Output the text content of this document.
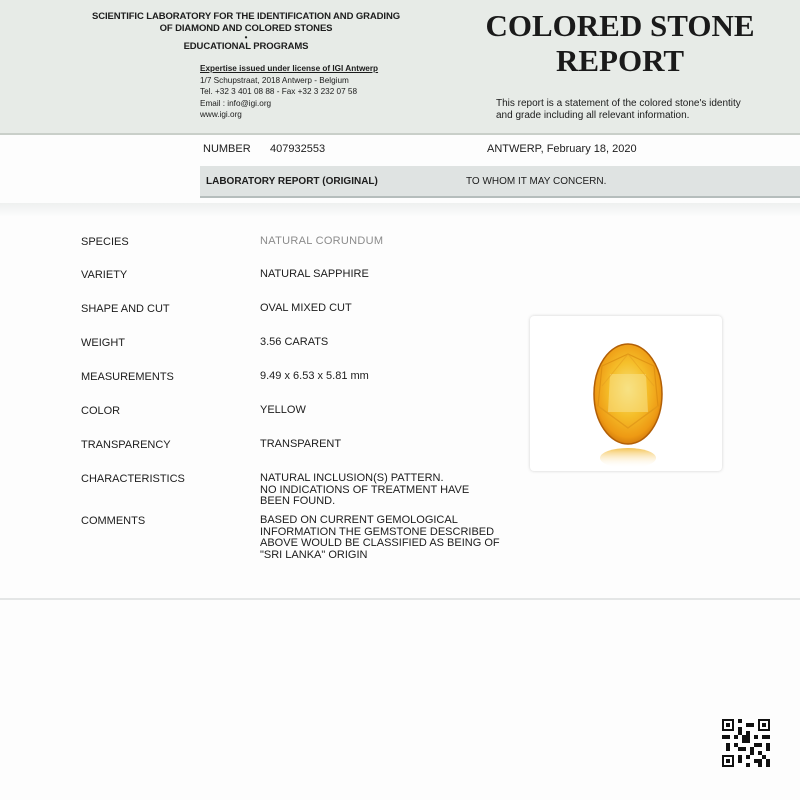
SCIENTIFIC LABORATORY FOR THE IDENTIFICATION AND GRADING
OF DIAMOND AND COLORED STONES
•
EDUCATIONAL PROGRAMS
Expertise issued under license of IGI Antwerp
1/7 Schupstraat, 2018 Antwerp - Belgium
Tel. +32 3 401 08 88 - Fax +32 3 232 07 58
Email : info@igi.org
www.igi.org
COLORED STONE
REPORT
This report is a statement of the colored stone's identity and grade including all relevant information.
NUMBER 407932553	ANTWERP, February 18, 2020
LABORATORY REPORT (ORIGINAL)	TO WHOM IT MAY CONCERN.
SPECIES	NATURAL CORUNDUM
VARIETY	NATURAL SAPPHIRE
SHAPE AND CUT	OVAL MIXED CUT
WEIGHT	3.56 CARATS
MEASUREMENTS	9.49 x 6.53 x 5.81 mm
COLOR	YELLOW
TRANSPARENCY	TRANSPARENT
CHARACTERISTICS	NATURAL INCLUSION(S) PATTERN.
NO INDICATIONS OF TREATMENT HAVE
BEEN FOUND.
COMMENTS	BASED ON CURRENT GEMOLOGICAL
INFORMATION THE GEMSTONE DESCRIBED
ABOVE WOULD BE CLASSIFIED AS BEING OF
"SRI LANKA" ORIGIN
